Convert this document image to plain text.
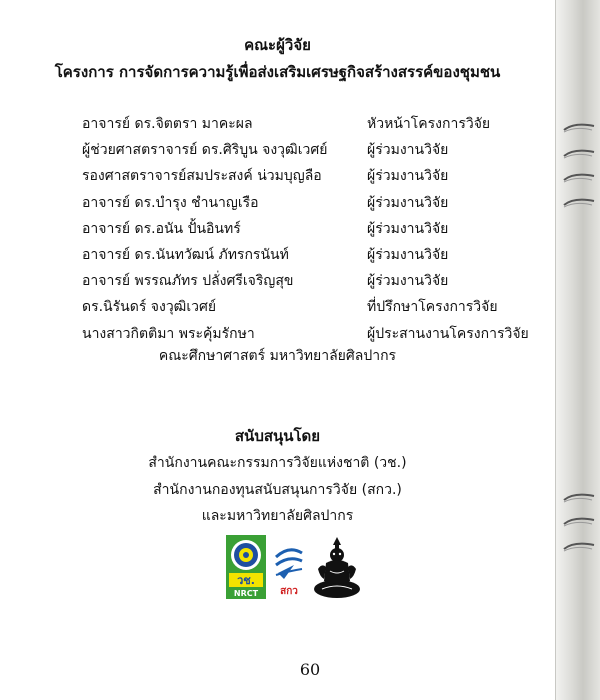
คณะผู้วิจัย
โครงการ การจัดการความรู้เพื่อส่งเสริมเศรษฐกิจสร้างสรรค์ของชุมชน
อาจารย์ ดร.จิตตรา มาคะผล	หัวหน้าโครงการวิจัย
ผู้ช่วยศาสตราจารย์ ดร.ศิริบูน จงวุฒิเวศย์	ผู้ร่วมงานวิจัย
รองศาสตราจารย์สมประสงค์ น่วมบุญลือ	ผู้ร่วมงานวิจัย
อาจารย์ ดร.บำรุง ชำนาญเรือ	ผู้ร่วมงานวิจัย
อาจารย์ ดร.อนัน ปั้นอินทร์	ผู้ร่วมงานวิจัย
อาจารย์ ดร.นันทวัฒน์ ภัทรกรนันท์	ผู้ร่วมงานวิจัย
อาจารย์ พรรณภัทร ปลั่งศรีเจริญสุข	ผู้ร่วมงานวิจัย
ดร.นิรันดร์ จงวุฒิเวศย์	ที่ปรึกษาโครงการวิจัย
นางสาวกิตติมา พระคุ้มรักษา	ผู้ประสานงานโครงการวิจัย
คณะศึกษาศาสตร์ มหาวิทยาลัยศิลปากร
สนับสนุนโดย
สำนักงานคณะกรรมการวิจัยแห่งชาติ (วช.)
สำนักงานกองทุนสนับสนุนการวิจัย (สกว.)
และมหาวิทยาลัยศิลปากร
วช.
NRCT สกว
60
